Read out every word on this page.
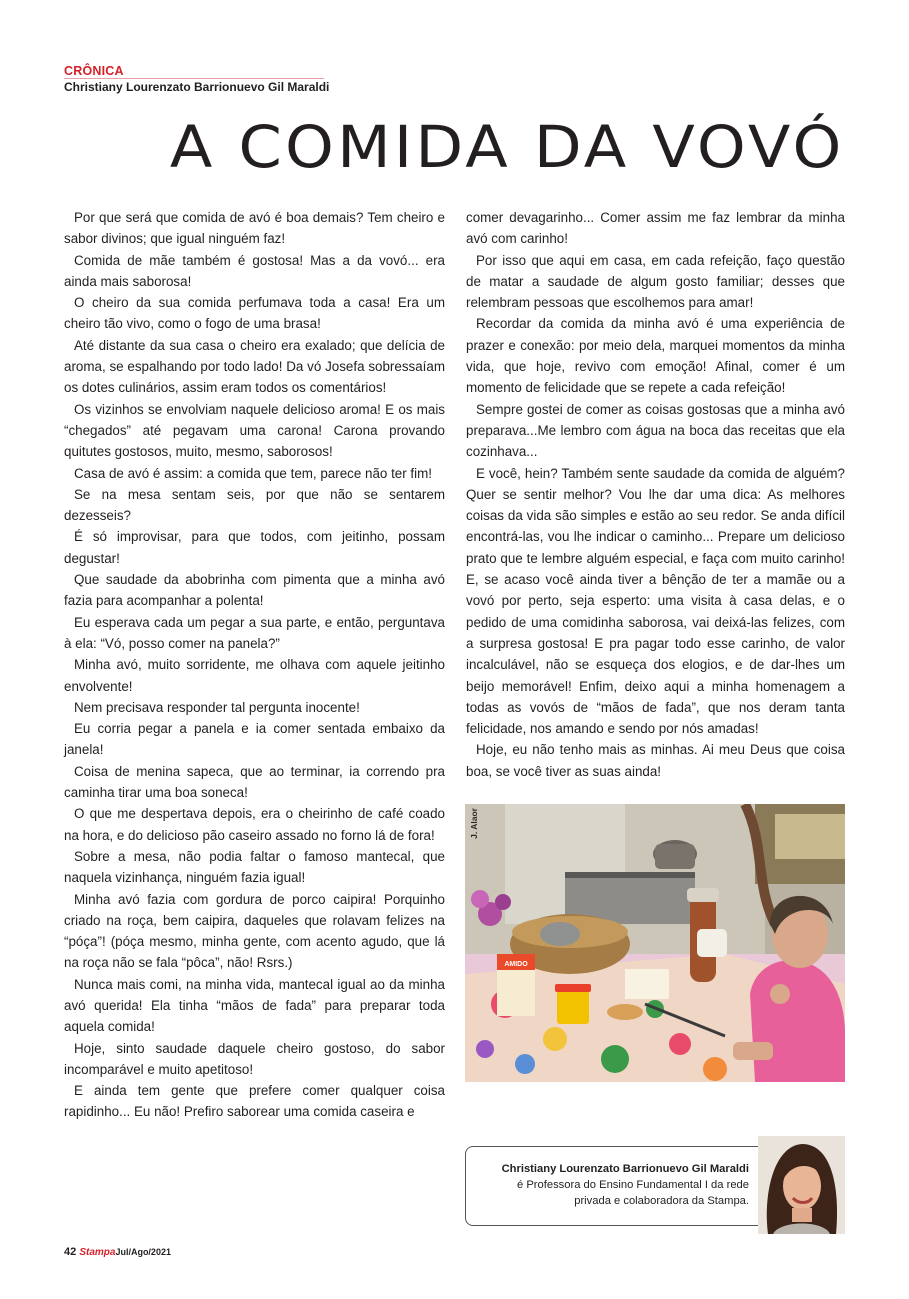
CRÔNICA
Christiany Lourenzato Barrionuevo Gil Maraldi
A COMIDA DA VOVÓ

Por que será que comida de avó é boa demais? Tem cheiro e sabor divinos; que igual ninguém faz!

Comida de mãe também é gostosa! Mas a da vovó... era ainda mais saborosa!

O cheiro da sua comida perfumava toda a casa! Era um cheiro tão vivo, como o fogo de uma brasa!

Até distante da sua casa o cheiro era exalado; que delícia de aroma, se espalhando por todo lado! Da vó Josefa sobressaíam os dotes culinários, assim eram todos os comentários!

Os vizinhos se envolviam naquele delicioso aroma! E os mais “chegados” até pegavam uma carona! Carona provando quitutes gostosos, muito, mesmo, saborosos!

Casa de avó é assim: a comida que tem, parece não ter fim!

Se na mesa sentam seis, por que não se sentarem dezesseis?

É só improvisar, para que todos, com jeitinho, possam degustar!

Que saudade da abobrinha com pimenta que a minha avó fazia para acompanhar a polenta!

Eu esperava cada um pegar a sua parte, e então, perguntava à ela: “Vó, posso comer na panela?”

Minha avó, muito sorridente, me olhava com aquele jeitinho envolvente!

Nem precisava responder tal pergunta inocente!

Eu corria pegar a panela e ia comer sentada embaixo da janela!

Coisa de menina sapeca, que ao terminar, ia correndo pra caminha tirar uma boa soneca!

O que me despertava depois, era o cheirinho de café coado na hora, e do delicioso pão caseiro assado no forno lá de fora!

Sobre a mesa, não podia faltar o famoso mantecal, que naquela vizinhança, ninguém fazia igual!

Minha avó fazia com gordura de porco caipira! Porquinho criado na roça, bem caipira, daqueles que rolavam felizes na “póça”! (póça mesmo, minha gente, com acento agudo, que lá na roça não se fala “pôca”, não! Rsrs.)

Nunca mais comi, na minha vida, mantecal igual ao da minha avó querida! Ela tinha “mãos de fada” para preparar toda aquela comida!

Hoje, sinto saudade daquele cheiro gostoso, do sabor incomparável e muito apetitoso!

E ainda tem gente que prefere comer qualquer coisa rapidinho... Eu não! Prefiro saborear uma comida caseira e

comer devagarinho... Comer assim me faz lembrar da minha avó com carinho!

Por isso que aqui em casa, em cada refeição, faço questão de matar a saudade de algum gosto familiar; desses que relembram pessoas que escolhemos para amar!

Recordar da comida da minha avó é uma experiência de prazer e conexão: por meio dela, marquei momentos da minha vida, que hoje, revivo com emoção! Afinal, comer é um momento de felicidade que se repete a cada refeição!

Sempre gostei de comer as coisas gostosas que a minha avó preparava...Me lembro com água na boca das receitas que ela cozinhava...

E você, hein? Também sente saudade da comida de alguém? Quer se sentir melhor? Vou lhe dar uma dica: As melhores coisas da vida são simples e estão ao seu redor. Se anda difícil encontrá-las, vou lhe indicar o caminho... Prepare um delicioso prato que te lembre alguém especial, e faça com muito carinho! E, se acaso você ainda tiver a bênção de ter a mamãe ou a vovó por perto, seja esperto: uma visita à casa delas, e o pedido de uma comidinha saborosa, vai deixá-las felizes, com a surpresa gostosa! E pra pagar todo esse carinho, de valor incalculável, não se esqueça dos elogios, e de dar-lhes um beijo memorável! Enfim, deixo aqui a minha homenagem a todas as vovós de “mãos de fada”, que nos deram tanta felicidade, nos amando e sendo por nós amadas!

Hoje, eu não tenho mais as minhas. Ai meu Deus que coisa boa, se você tiver as suas ainda!

AMIDO
J. Alaor
Christiany Lourenzato Barrionuevo Gil Maraldi
é Professora do Ensino Fundamental I da rede privada e colaboradora da Stampa.
42 StampaJul/Ago/2021
